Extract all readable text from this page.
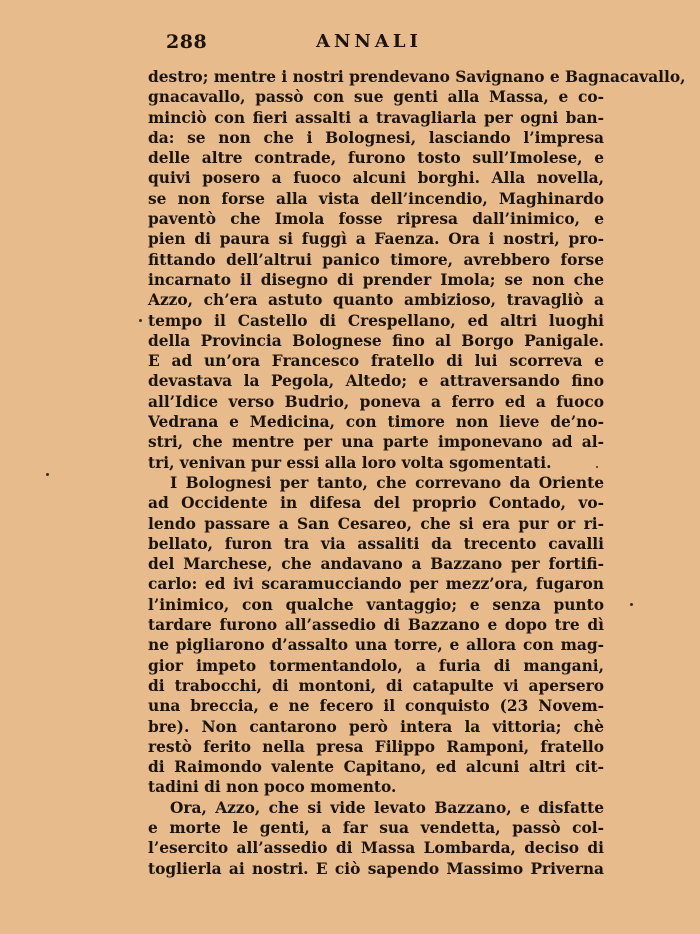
288	ANNALI
destro; mentre i nostri prendevano Savignano e Bagnacavallo,
gnacavallo, passò con sue genti alla Massa, e co-
minciò con fieri assalti a travagliarla per ogni ban-
da: se non che i Bolognesi, lasciando l’impresa
delle altre contrade, furono tosto sull’Imolese, e
quivi posero a fuoco alcuni borghi. Alla novella,
se non forse alla vista dell’incendio, Maghinardo
paventò che Imola fosse ripresa dall’inimico, e
pien di paura si fuggì a Faenza. Ora i nostri, pro-
fittando dell’altrui panico timore, avrebbero forse
incarnato il disegno di prender Imola; se non che
Azzo, ch’era astuto quanto ambizioso, travagliò a
tempo il Castello di Crespellano, ed altri luoghi
della Provincia Bolognese fino al Borgo Panigale.
E ad un’ora Francesco fratello di lui scorreva e
devastava la Pegola, Altedo; e attraversando fino
all’Idice verso Budrio, poneva a ferro ed a fuoco
Vedrana e Medicina, con timore non lieve de’no-
stri, che mentre per una parte imponevano ad al-
tri, venivan pur essi alla loro volta sgomentati.
I Bolognesi per tanto, che correvano da Oriente
ad Occidente in difesa del proprio Contado, vo-
lendo passare a San Cesareo, che si era pur or ri-
bellato, furon tra via assaliti da trecento cavalli
del Marchese, che andavano a Bazzano per fortifi-
carlo: ed ivi scaramucciando per mezz’ora, fugaron
l’inimico, con qualche vantaggio; e senza punto
tardare furono all’assedio di Bazzano e dopo tre dì
ne pigliarono d’assalto una torre, e allora con mag-
gior impeto tormentandolo, a furia di mangani,
di trabocchi, di montoni, di catapulte vi apersero
una breccia, e ne fecero il conquisto (23 Novem-
bre). Non cantarono però intera la vittoria; chè
restò ferito nella presa Filippo Ramponi, fratello
di Raimondo valente Capitano, ed alcuni altri cit-
tadini di non poco momento.
Ora, Azzo, che si vide levato Bazzano, e disfatte
e morte le genti, a far sua vendetta, passò col-
l’esercito all’assedio di Massa Lombarda, deciso di
toglierla ai nostri. E ciò sapendo Massimo Priverna
